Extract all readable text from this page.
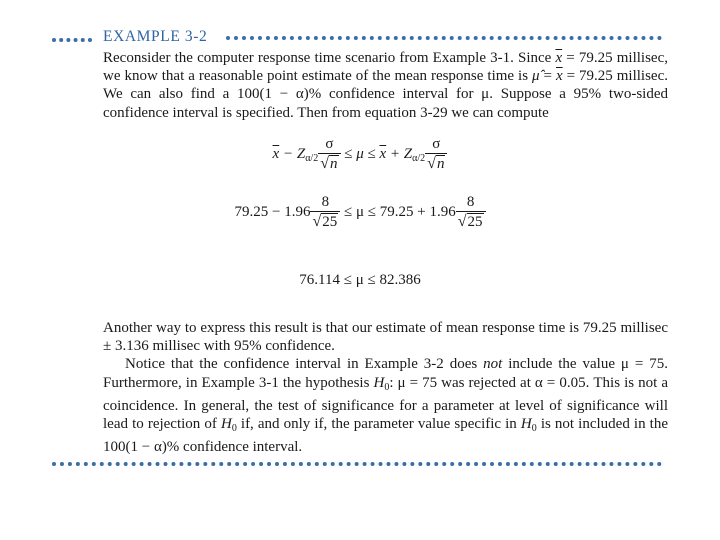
EXAMPLE 3-2
Reconsider the computer response time scenario from Example 3-1. Since $\overline{x} = 79.25$ millisec, we know that a reasonable point estimate of the mean response time is μ̂ = $\overline{x} = 79.25$ millisec. We can also find a 100(1 − α)% confidence interval for μ. Suppose a 95% two-sided confidence interval is specified. Then from equation 3-29 we can compute
$\overline{x} - Z_{\alpha/2} \frac{\sigma}{√n} \le \mu \le \overline{x} + Z_{\alpha/2} \frac{\sigma}{√n}$
$79.25 - 1.96 \frac{8}{√25} \le \mu \le 79.25 + 1.96 \frac{8}{√25}$
76.114 ≤ μ ≤ 82.386
Another way to express this result is that our estimate of mean response time is 79.25 millisec ± 3.136 millisec with 95% confidence.
Notice that the confidence interval in Example 3-2 does not include the value μ = 75. Furthermore, in Example 3-1 the hypothesis $H_0$: μ = 75 was rejected at α = 0.05. This is not a coincidence. In general, the test of significance for a parameter at level of significance will lead to rejection of $H_0$ if, and only if, the parameter value specific in $H_0$ is not included in the 100(1 − α)% confidence interval.
